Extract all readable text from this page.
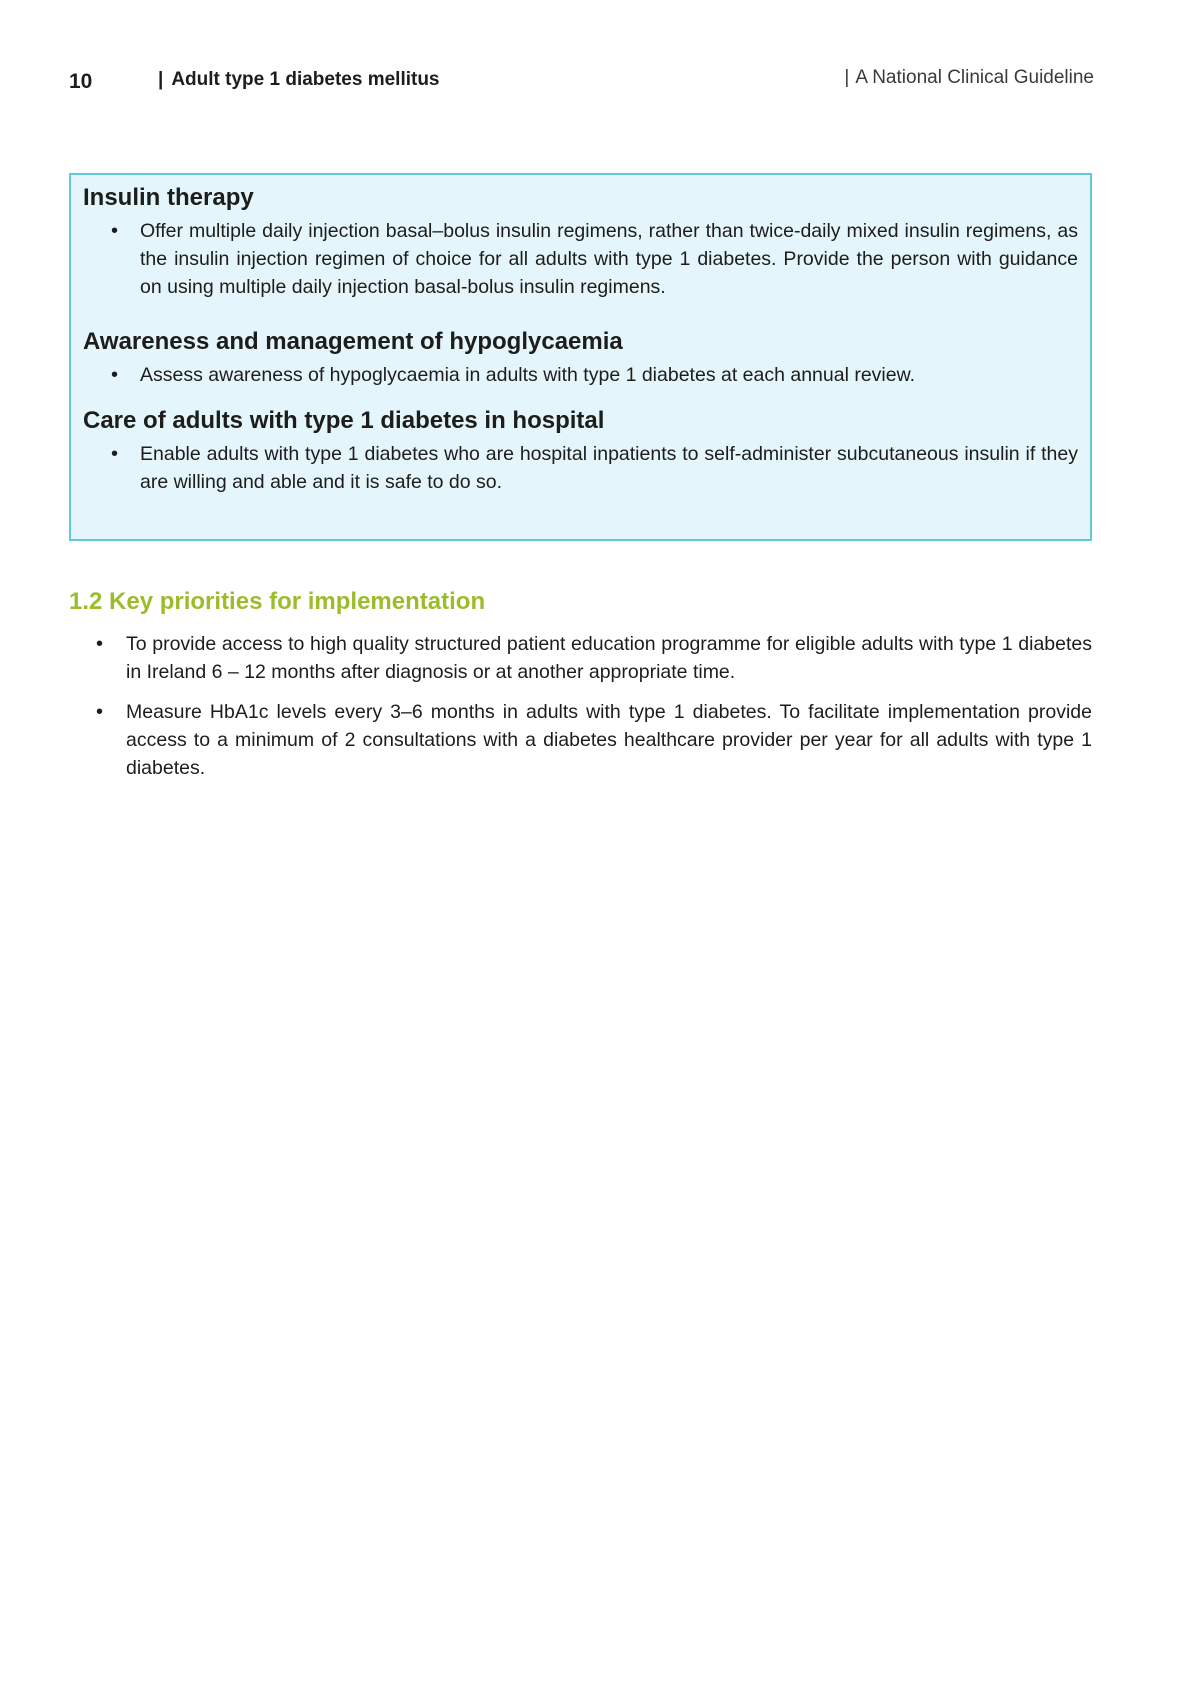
10	| Adult type 1 diabetes mellitus	| A National Clinical Guideline
Insulin therapy
• Offer multiple daily injection basal–bolus insulin regimens, rather than twice-daily mixed insulin regimens, as the insulin injection regimen of choice for all adults with type 1 diabetes. Provide the person with guidance on using multiple daily injection basal-bolus insulin regimens.
Awareness and management of hypoglycaemia
• Assess awareness of hypoglycaemia in adults with type 1 diabetes at each annual review.
Care of adults with type 1 diabetes in hospital
• Enable adults with type 1 diabetes who are hospital inpatients to self-administer subcutaneous insulin if they are willing and able and it is safe to do so.
1.2 Key priorities for implementation
• To provide access to high quality structured patient education programme for eligible adults with type 1 diabetes in Ireland 6 – 12 months after diagnosis or at another appropriate time.
• Measure HbA1c levels every 3–6 months in adults with type 1 diabetes. To facilitate implementation provide access to a minimum of 2 consultations with a diabetes healthcare provider per year for all adults with type 1 diabetes.
